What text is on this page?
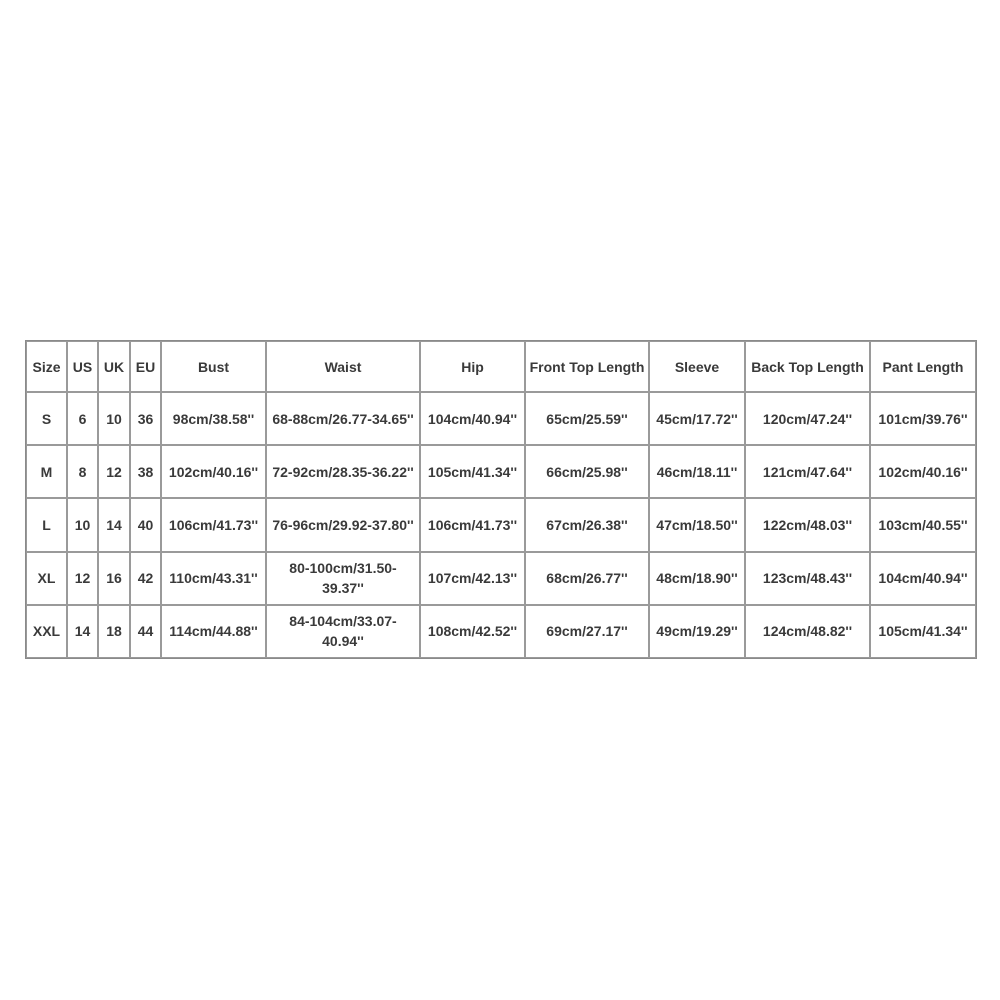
Size	US	UK	EU	Bust	Waist	Hip	Front Top Length	Sleeve	Back Top Length	Pant Length
S	6	10	36	98cm/38.58''	68-88cm/26.77-34.65''	104cm/40.94''	65cm/25.59''	45cm/17.72''	120cm/47.24''	101cm/39.76''
M	8	12	38	102cm/40.16''	72-92cm/28.35-36.22''	105cm/41.34''	66cm/25.98''	46cm/18.11''	121cm/47.64''	102cm/40.16''
L	10	14	40	106cm/41.73''	76-96cm/29.92-37.80''	106cm/41.73''	67cm/26.38''	47cm/18.50''	122cm/48.03''	103cm/40.55''
XL	12	16	42	110cm/43.31''	80-100cm/31.50-39.37''	107cm/42.13''	68cm/26.77''	48cm/18.90''	123cm/48.43''	104cm/40.94''
XXL	14	18	44	114cm/44.88''	84-104cm/33.07-40.94''	108cm/42.52''	69cm/27.17''	49cm/19.29''	124cm/48.82''	105cm/41.34''
